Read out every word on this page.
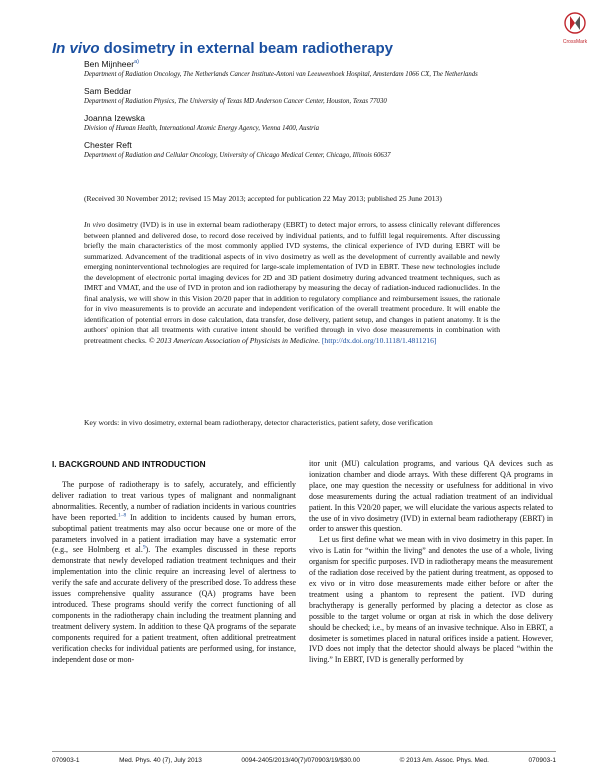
CrossMark
In vivo dosimetry in external beam radiotherapy
Ben Mijnheer$^{a)}$
Department of Radiation Oncology, The Netherlands Cancer Institute-Antoni van Leeuwenhoek Hospital, Amsterdam 1066 CX, The Netherlands
Sam Beddar
Department of Radiation Physics, The University of Texas MD Anderson Cancer Center, Houston, Texas 77030
Joanna Izewska
Division of Human Health, International Atomic Energy Agency, Vienna 1400, Austria
Chester Reft
Department of Radiation and Cellular Oncology, University of Chicago Medical Center, Chicago, Illinois 60637
(Received 30 November 2012; revised 15 May 2013; accepted for publication 22 May 2013; published 25 June 2013)
In vivo dosimetry (IVD) is in use in external beam radiotherapy (EBRT) to detect major errors, to assess clinically relevant differences between planned and delivered dose, to record dose received by individual patients, and to fulfill legal requirements. After discussing briefly the main characteristics of the most commonly applied IVD systems, the clinical experience of IVD during EBRT will be summarized. Advancement of the traditional aspects of in vivo dosimetry as well as the development of currently available and newly emerging noninterventional technologies are required for large-scale implementation of IVD in EBRT. These new technologies include the development of electronic portal imaging devices for 2D and 3D patient dosimetry during advanced treatment techniques, such as IMRT and VMAT, and the use of IVD in proton and ion radiotherapy by measuring the decay of radiation-induced radionuclides. In the final analysis, we will show in this Vision 20/20 paper that in addition to regulatory compliance and reimbursement issues, the rationale for in vivo measurements is to provide an accurate and independent verification of the overall treatment procedure. It will enable the identification of potential errors in dose calculation, data transfer, dose delivery, patient setup, and changes in patient anatomy. It is the authors' opinion that all treatments with curative intent should be verified through in vivo dose measurements in combination with pretreatment checks. © 2013 American Association of Physicists in Medicine. [http://dx.doi.org/10.1118/1.4811216]
Key words: in vivo dosimetry, external beam radiotherapy, detector characteristics, patient safety, dose verification
I. BACKGROUND AND INTRODUCTION

The purpose of radiotherapy is to safely, accurately, and efficiently deliver radiation to treat various types of malignant and nonmalignant abnormalities. Recently, a number of radiation incidents in various countries have been reported.$^{1-8}$ In addition to incidents caused by human errors, suboptimal patient treatments may also occur because one or more of the parameters involved in a patient irradiation may have a systematic error (e.g., see Holmberg et al.$^9$). The examples discussed in these reports demonstrate that newly developed radiation treatment techniques and their implementation into the clinic require an increasing level of alertness to verify the safe and accurate delivery of the prescribed dose. To address these issues comprehensive quality assurance (QA) programs have been introduced. These programs should verify the correct functioning of all components in the radiotherapy chain including the treatment planning and treatment delivery system. In addition to these QA programs of the separate components required for a patient treatment, often additional pretreatment verification checks for individual patients are performed using, for instance, independent dose or mon-

itor unit (MU) calculation programs, and various QA devices such as ionization chamber and diode arrays. With these different QA programs in place, one may question the necessity or usefulness for additional in vivo dose measurements during the actual radiation treatment of an individual patient. In this V20/20 paper, we will elucidate the various aspects related to the use of in vivo dosimetry (IVD) in external beam radiotherapy (EBRT) in order to answer this question.

Let us first define what we mean with in vivo dosimetry in this paper. In vivo is Latin for “within the living” and denotes the use of a whole, living organism for specific purposes. IVD in radiotherapy means the measurement of the radiation dose received by the patient during treatment, as opposed to ex vivo or in vitro dose measurements made either before or after the treatment using a phantom to represent the patient. IVD during brachytherapy is generally performed by placing a detector as close as possible to the target volume or organ at risk in which the dose delivery should be checked; i.e., by means of an invasive technique. Also in EBRT, a dosimeter is sometimes placed in natural orifices inside a patient. However, IVD does not imply that the detector should always be placed “within the living.” In EBRT, IVD is generally performed by

070903-1	Med. Phys. 40 (7), July 2013	0094-2405/2013/40(7)/070903/19/$30.00	© 2013 Am. Assoc. Phys. Med.	070903-1
